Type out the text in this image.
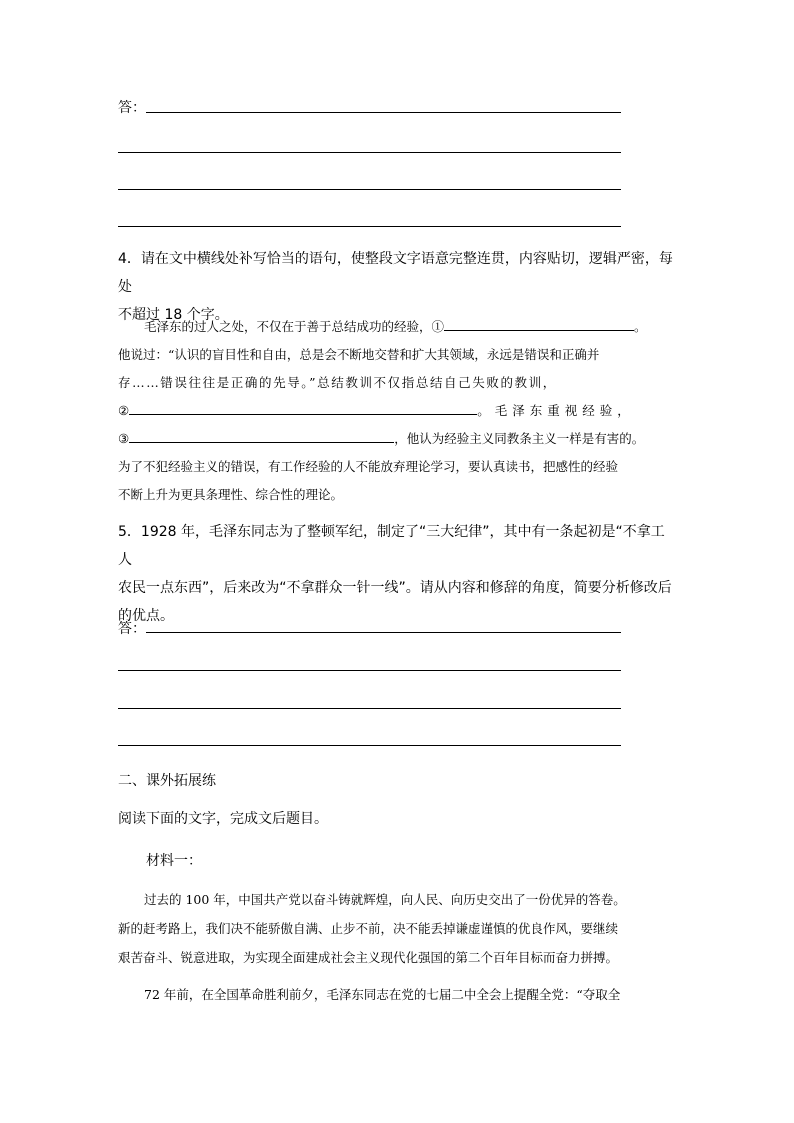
答：
4．请在文中横线处补写恰当的语句，使整段文字语意完整连贯，内容贴切，逻辑严密，每处
不超过 18 个字。
毛泽东的过人之处，不仅在于善于总结成功的经验，①	。
他说过：“认识的盲目性和自由，总是会不断地交替和扩大其领域，永远是错误和正确并
存……错误往往是正确的先导。”总结教训不仅指总结自己失败的教训，
②	。毛泽东重视经验，
③	，他认为经验主义同教条主义一样是有害的。
为了不犯经验主义的错误，有工作经验的人不能放弃理论学习，要认真读书，把感性的经验
不断上升为更具条理性、综合性的理论。
5．1928 年，毛泽东同志为了整顿军纪，制定了“三大纪律”，其中有一条起初是“不拿工人
农民一点东西”，后来改为“不拿群众一针一线”。请从内容和修辞的角度，简要分析修改后
的优点。
答：
二、课外拓展练
阅读下面的文字，完成文后题目。
材料一：
过去的 100 年，中国共产党以奋斗铸就辉煌，向人民、向历史交出了一份优异的答卷。
新的赶考路上，我们决不能骄傲自满、止步不前，决不能丢掉谦虚谨慎的优良作风，要继续
艰苦奋斗、锐意进取，为实现全面建成社会主义现代化强国的第二个百年目标而奋力拼搏。
72 年前，在全国革命胜利前夕，毛泽东同志在党的七届二中全会上提醒全党：“夺取全
